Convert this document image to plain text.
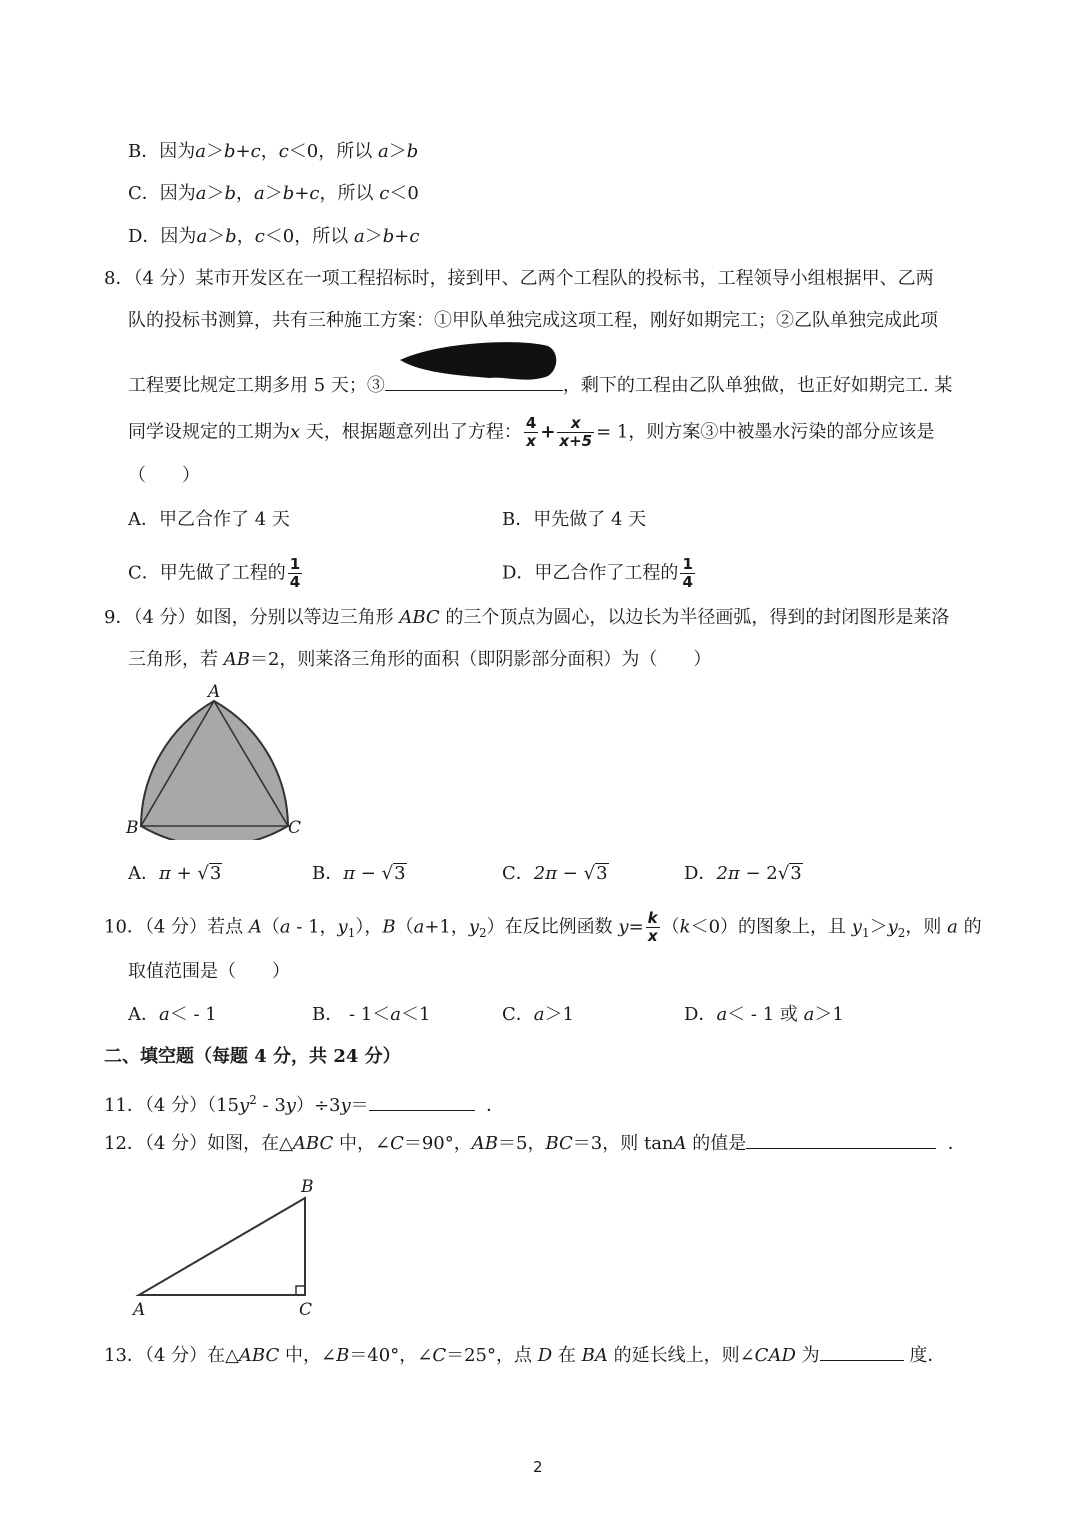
B．因为a＞b+c，c＜0，所以 a＞b
C．因为a＞b，a＞b+c，所以 c＜0
D．因为a＞b，c＜0，所以 a＞b+c
8．（4 分）某市开发区在一项工程招标时，接到甲、乙两个工程队的投标书，工程领导小组根据甲、乙两
队的投标书测算，共有三种施工方案：①甲队单独完成这项工程，刚好如期完工；②乙队单独完成此项
工程要比规定工期多用 5 天；③	，剩下的工程由乙队单独做，也正好如期完工. 某
同学设规定的工期为x 天，根据题意列出了方程： $\frac{4}{x} + \frac{x}{x+5} = 1$，则方案③中被墨水污染的部分应该是
（　　）
A．甲乙合作了 4 天	B．甲先做了 4 天
C．甲先做了工程的 $\frac{1}{4}$	D．甲乙合作了工程的 $\frac{1}{4}$
9．（4 分）如图，分别以等边三角形 ABC 的三个顶点为圆心，以边长为半径画弧，得到的封闭图形是莱洛
三角形，若 AB＝2，则莱洛三角形的面积（即阴影部分面积）为（　　）
A
B	C
A．π + √3	B．π − √3	C．2π − √3	D．2π − 2√3
10．（4 分）若点 A（a - 1，$y_1$），B（a+1，$y_2$）在反比例函数 $y= \frac{k}{x} (k<0)$的图象上，且 $y_1>y_2$，则 a 的
取值范围是（　　）
A．a＜ - 1	B． - 1＜a＜1	C．a＞1	D．a＜ - 1 或 a＞1
二、填空题（每题 4 分，共 24 分）
11．（4 分）$(15y^2 - 3y)\div 3y=$	．
12．（4 分）如图，在△ABC 中，∠C＝90°，AB＝5，BC＝3，则 tanA 的值是	．
B
A	C
13．（4 分）在△ABC 中，∠B＝40°，∠C＝25°，点 D 在 BA 的延长线上，则∠CAD 为	度．
2
